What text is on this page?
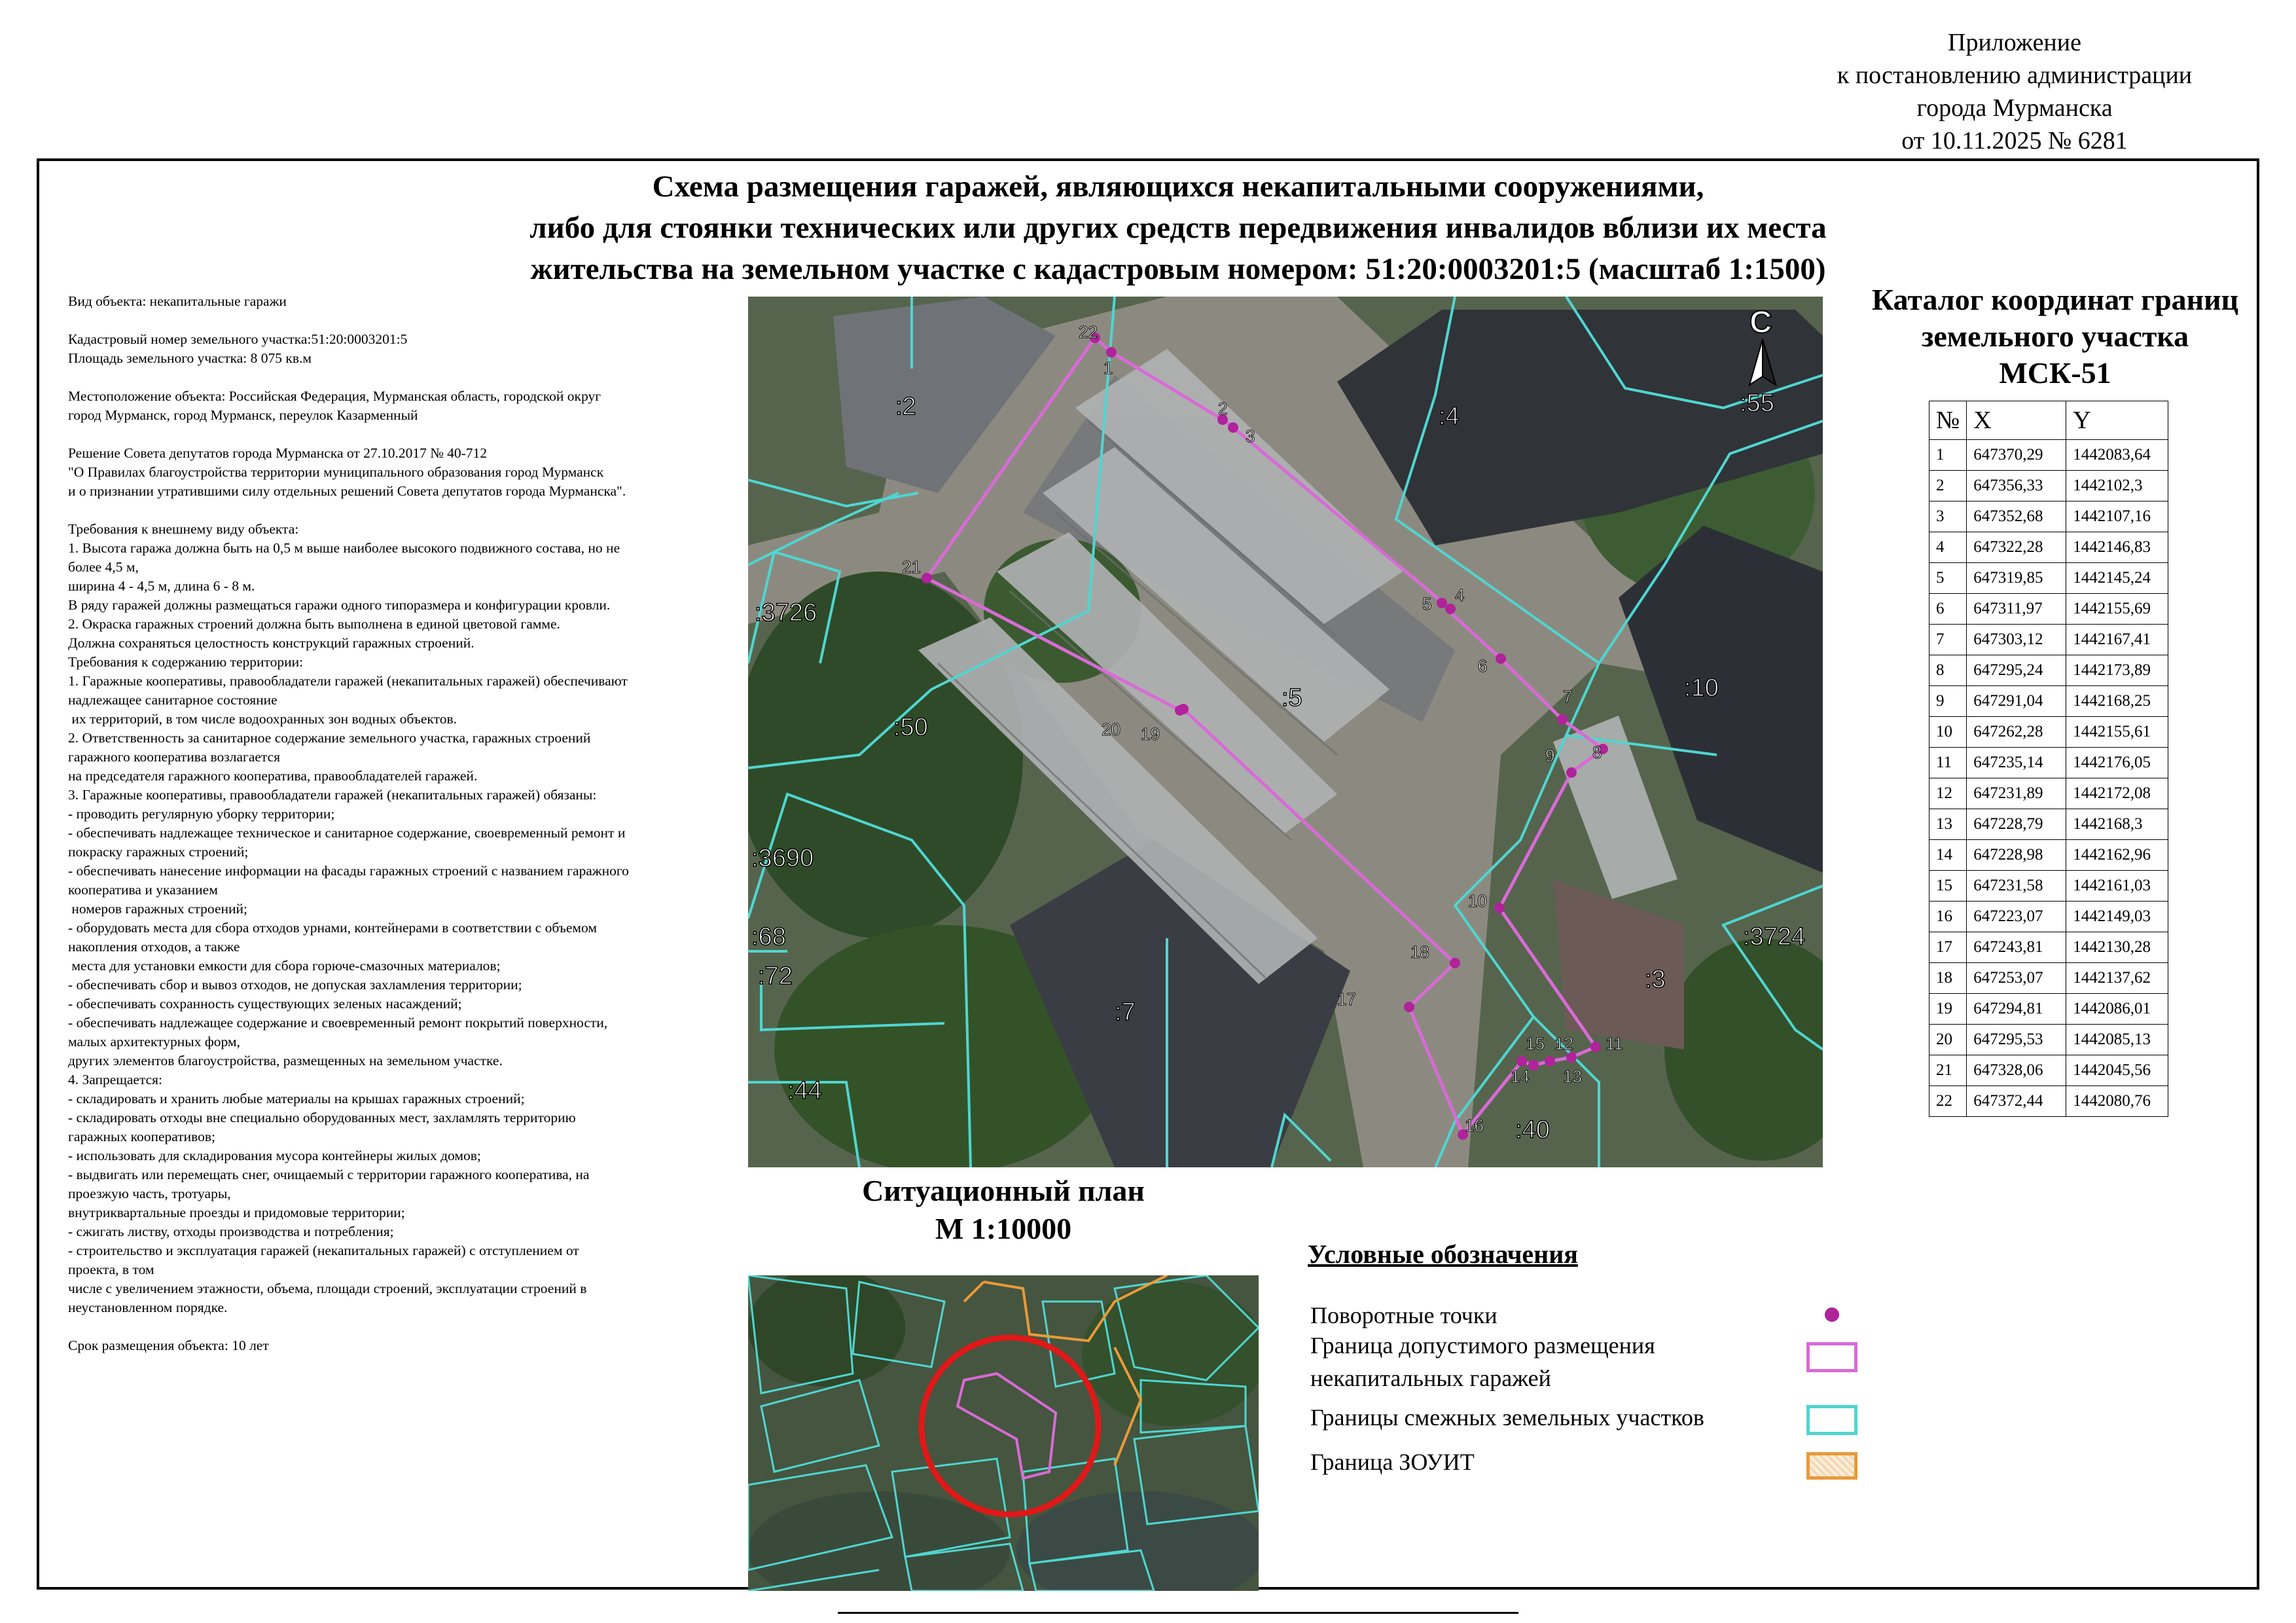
Приложение
к постановлению администрации
города Мурманска
от 10.11.2025 № 6281
Схема размещения гаражей, являющихся некапитальными сооружениями,
либо для стоянки технических или других средств передвижения инвалидов вблизи их места
жительства на земельном участке с кадастровым номером: 51:20:0003201:5 (масштаб 1:1500)

Вид объекта: некапитальные гаражи

Кадастровый номер земельного участка:51:20:0003201:5

Площадь земельного участка: 8 075 кв.м

Местоположение объекта: Российская Федерация, Мурманская область, городской округ

город Мурманск, город Мурманск, переулок Казарменный

Решение Совета депутатов города Мурманска от 27.10.2017 № 40-712

"О Правилах благоустройства территории муниципального образования город Мурманск

и о признании утратившими силу отдельных решений Совета депутатов города Мурманска".

Требования к внешнему виду объекта:

1. Высота гаража должна быть на 0,5 м выше наиболее высокого подвижного состава, но не

более 4,5 м,

ширина 4 - 4,5 м, длина 6 - 8 м.

В ряду гаражей должны размещаться гаражи одного типоразмера и конфигурации кровли.

2. Окраска гаражных строений должна быть выполнена в единой цветовой гамме.

Должна сохраняться целостность конструкций гаражных строений.

Требования к содержанию территории:

1. Гаражные кооперативы, правообладатели гаражей (некапитальных гаражей) обеспечивают

надлежащее санитарное состояние

их территорий, в том числе водоохранных зон водных объектов.

2. Ответственность за санитарное содержание земельного участка, гаражных строений

гаражного кооператива возлагается

на председателя гаражного кооператива, правообладателей гаражей.

3. Гаражные кооперативы, правообладатели гаражей (некапитальных гаражей) обязаны:

- проводить регулярную уборку территории;

- обеспечивать надлежащее техническое и санитарное содержание, своевременный ремонт и

покраску гаражных строений;

- обеспечивать нанесение информации на фасады гаражных строений с названием гаражного

кооператива и указанием

номеров гаражных строений;

- оборудовать места для сбора отходов урнами, контейнерами в соответствии с объемом

накопления отходов, а также

места для установки емкости для сбора горюче-смазочных материалов;

- обеспечивать сбор и вывоз отходов, не допуская захламления территории;

- обеспечивать сохранность существующих зеленых насаждений;

- обеспечивать надлежащее содержание и своевременный ремонт покрытий поверхности,

малых архитектурных форм,

других элементов благоустройства, размещенных на земельном участке.

4. Запрещается:

- складировать и хранить любые материалы на крышах гаражных строений;

- складировать отходы вне специально оборудованных мест, захламлять территорию

гаражных кооперативов;

- использовать для складирования мусора контейнеры жилых домов;

- выдвигать или перемещать снег, очищаемый с территории гаражного кооператива, на

проезжую часть, тротуары,

внутриквартальные проезды и придомовые территории;

- сжигать листву, отходы производства и потребления;

- строительство и эксплуатация гаражей (некапитальных гаражей) с отступлением от

проекта, в том

числе с увеличением этажности, объема, площади строений, эксплуатации строений в

неустановленном порядке.

Срок размещения объекта: 10 лет

1
2
3
4
5
6
7
8
9
10
11
12
13
14
15
16
17
18
19
20
21
22
:2	:4	:55
:3726
:10
:5
:50
:3690
:68
:72
:7
:3
:3724
:44
:40
С
Ситуационный план
М 1:10000
Каталог координат границ
земельного участка
МСК-51
№	X	Y
1	647370,29	1442083,64
2	647356,33	1442102,3
3	647352,68	1442107,16
4	647322,28	1442146,83
5	647319,85	1442145,24
6	647311,97	1442155,69
7	647303,12	1442167,41
8	647295,24	1442173,89
9	647291,04	1442168,25
10	647262,28	1442155,61
11	647235,14	1442176,05
12	647231,89	1442172,08
13	647228,79	1442168,3
14	647228,98	1442162,96
15	647231,58	1442161,03
16	647223,07	1442149,03
17	647243,81	1442130,28
18	647253,07	1442137,62
19	647294,81	1442086,01
20	647295,53	1442085,13
21	647328,06	1442045,56
22	647372,44	1442080,76
Условные обозначения
Поворотные точки
Граница допустимого размещения
некапитальных гаражей
Границы смежных земельных участков
Граница ЗОУИТ
